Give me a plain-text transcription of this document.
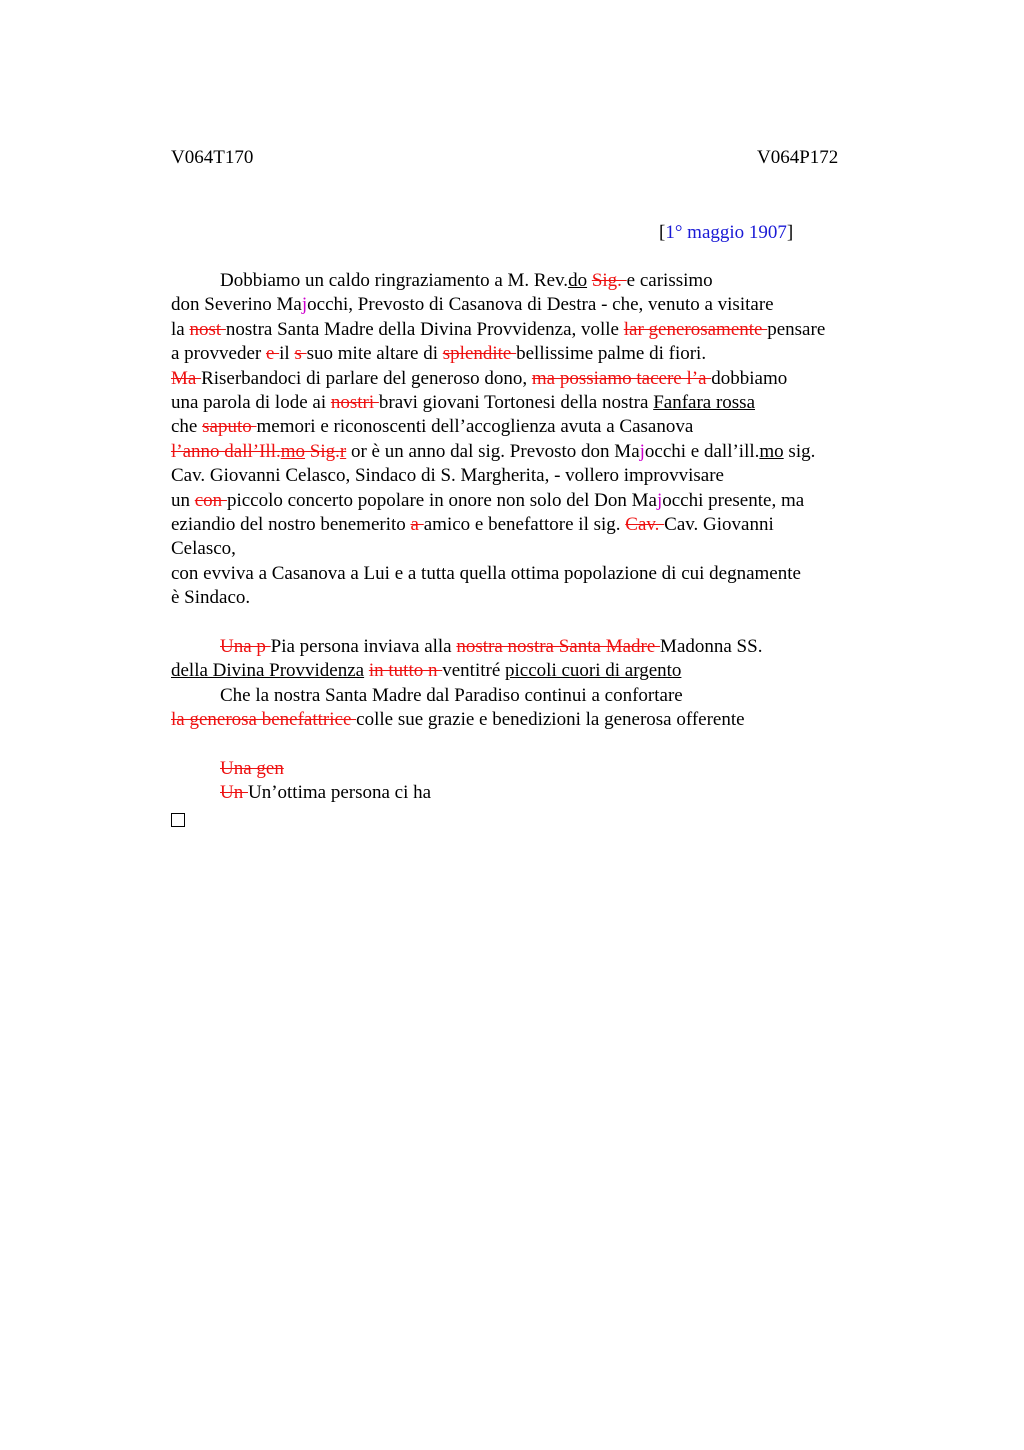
V064T170	V064P172
[1° maggio 1907]
Dobbiamo un caldo ringraziamento a M. Rev.do Sig. e carissimo
don Severino Majocchi, Prevosto di Casanova di Destra - che, venuto a visitare
la nost nostra Santa Madre della Divina Provvidenza, volle lar generosamente pensare
a provveder e il s suo mite altare di splendite bellissime palme di fiori.
Ma Riserbandoci di parlare del generoso dono, ma possiamo tacere l’a dobbiamo
una parola di lode ai nostri bravi giovani Tortonesi della nostra Fanfara rossa
che saputo memori e riconoscenti dell’accoglienza avuta a Casanova
l’anno dall’Ill.mo Sig.r or è un anno dal sig. Prevosto don Majocchi e dall’ill.mo sig.
Cav. Giovanni Celasco, Sindaco di S. Margherita, - vollero improvvisare
un con piccolo concerto popolare in onore non solo del Don Majocchi presente, ma
eziandio del nostro benemerito a amico e benefattore il sig. Cav. Cav. Giovanni
Celasco,
con evviva a Casanova a Lui e a tutta quella ottima popolazione di cui degnamente
è Sindaco.
Una p Pia persona inviava alla nostra nostra Santa Madre Madonna SS.
della Divina Provvidenza in tutto n ventitré piccoli cuori di argento
Che la nostra Santa Madre dal Paradiso continui a confortare
la generosa benefattrice colle sue grazie e benedizioni la generosa offerente
Una gen
Un Un’ottima persona ci ha
